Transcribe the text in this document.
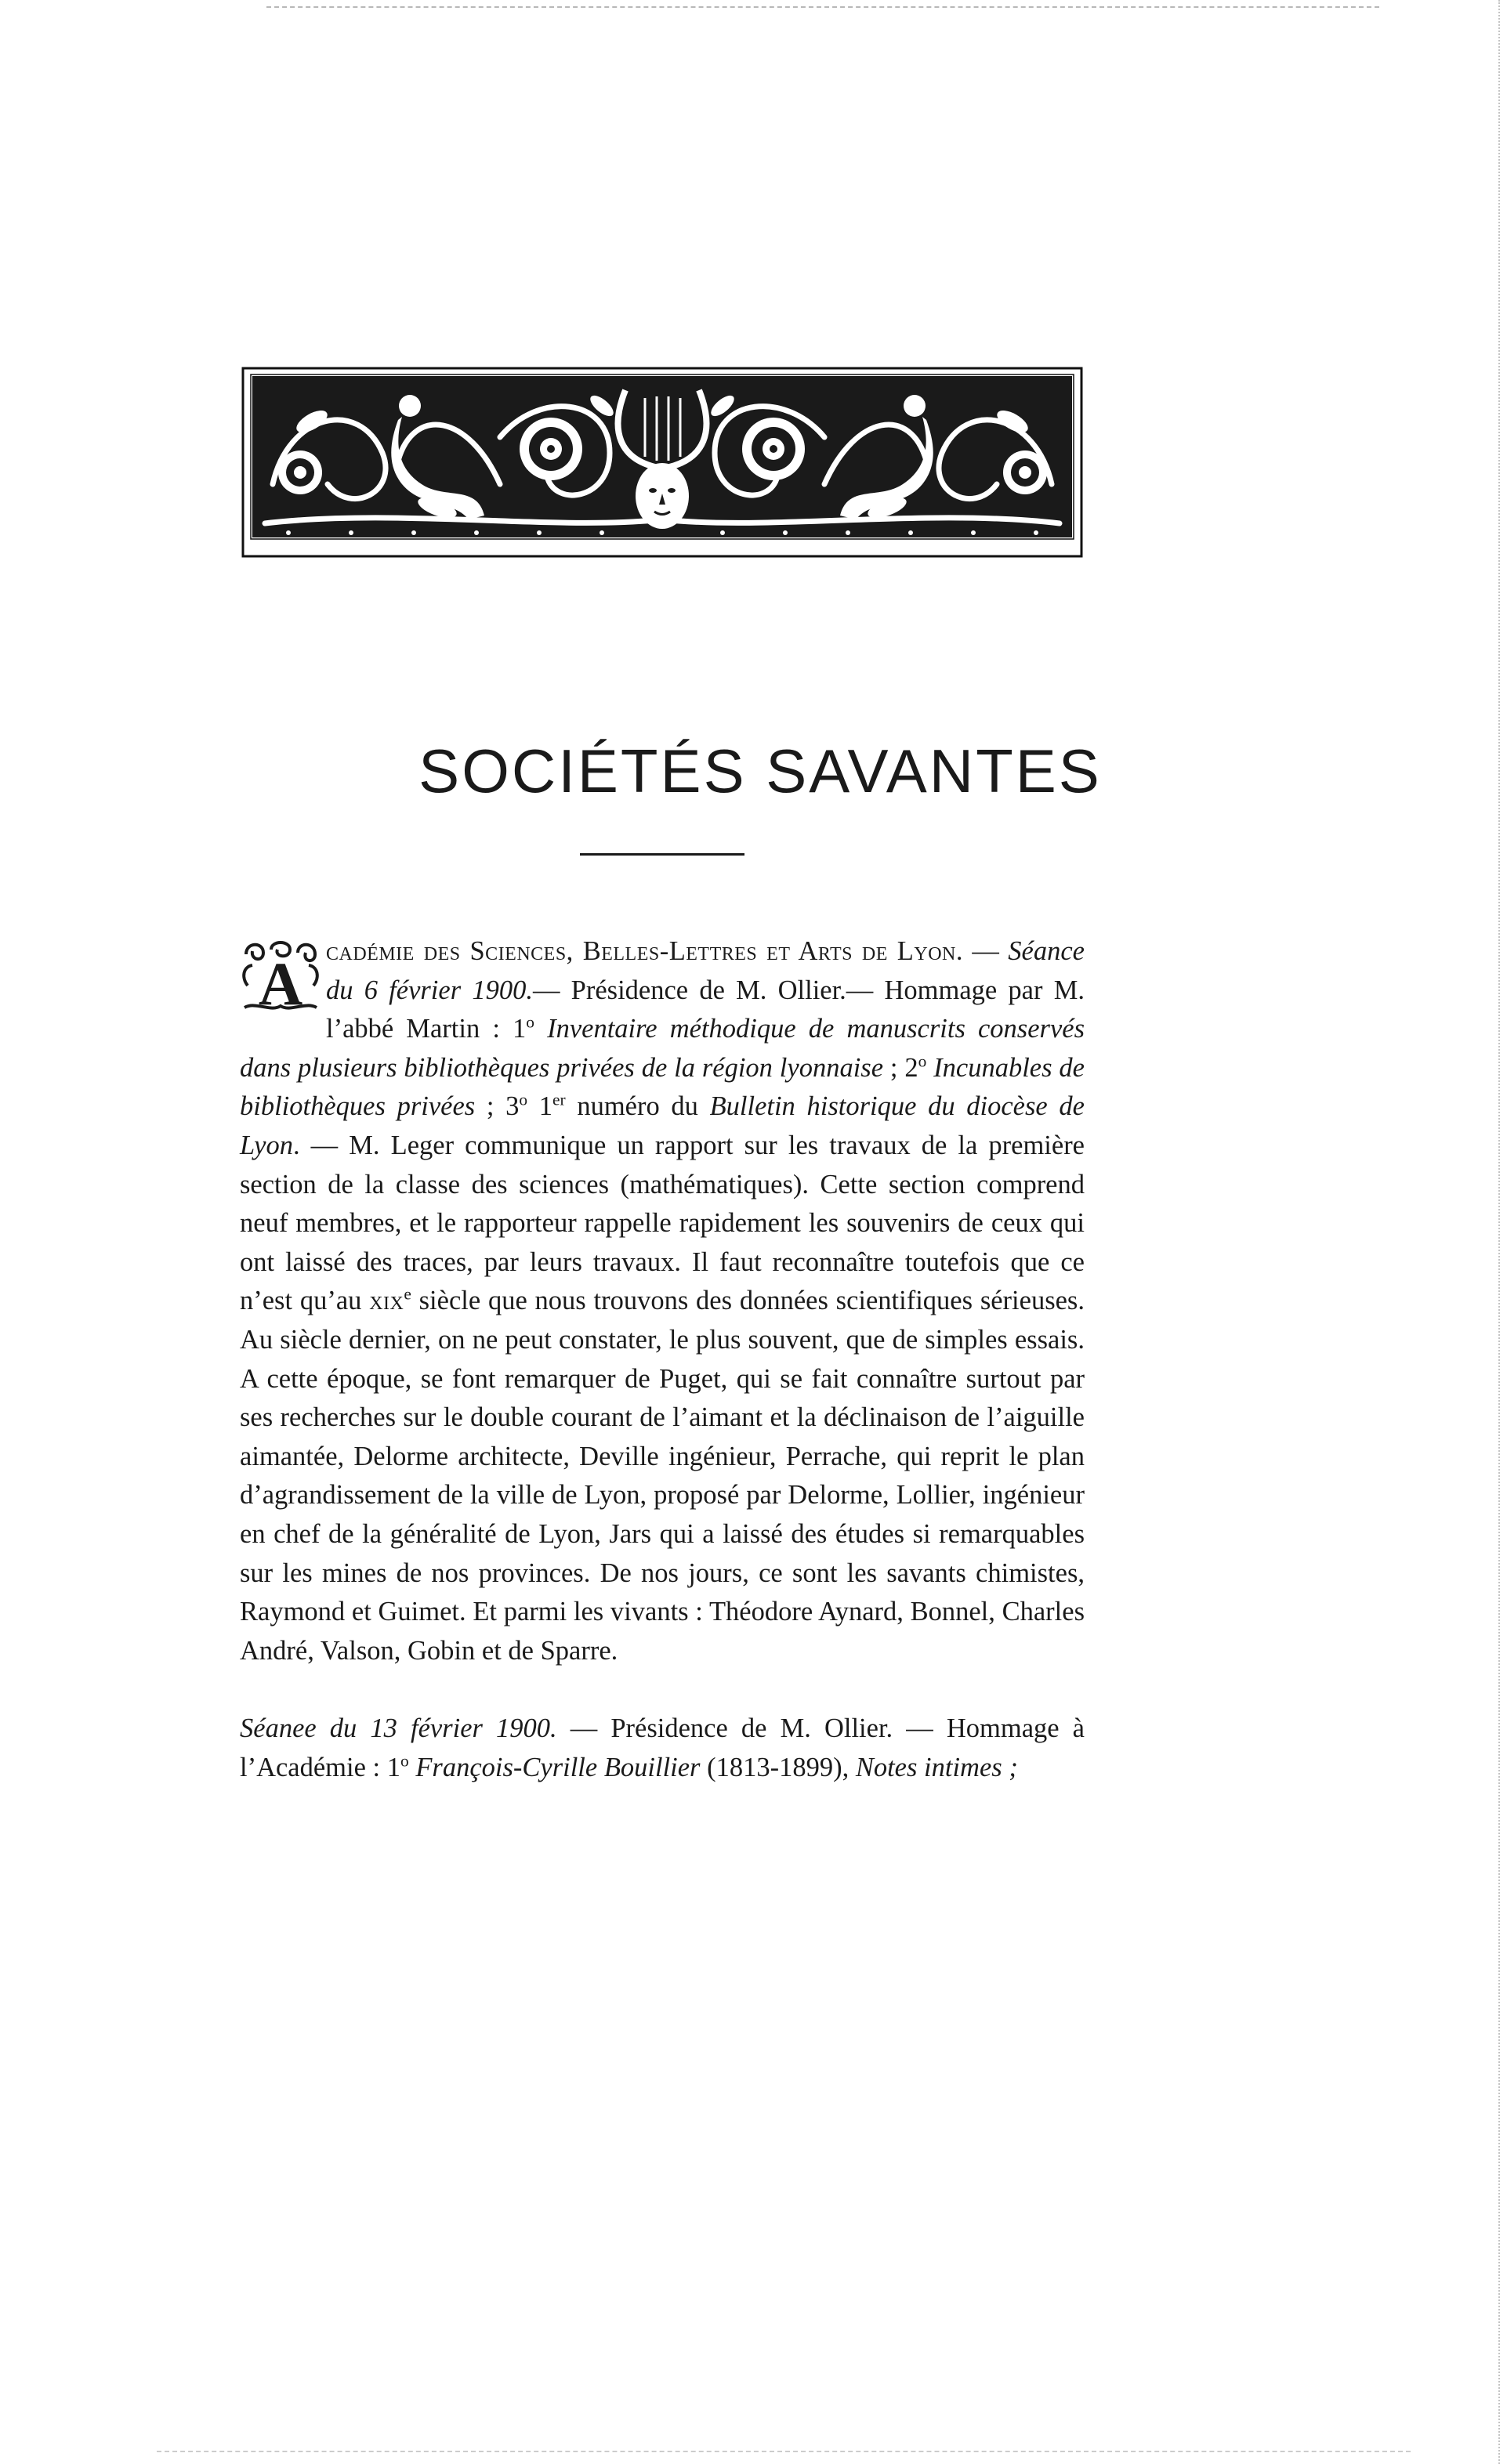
SOCIÉTÉS SAVANTES

A cadémie des Sciences, Belles-Lettres et Arts de Lyon. — Séance du 6 février 1900.— Présidence de M. Ollier.— Hommage par M. l’abbé Martin : 1$^o$ Inventaire méthodique de manuscrits conservés dans plusieurs bibliothèques privées de la région lyonnaise ; 2$^o$ Incunables de bibliothèques privées ; 3$^o$ 1er numéro du Bulletin historique du diocèse de Lyon. — M. Leger communique un rapport sur les travaux de la première section de la classe des sciences (mathématiques). Cette section comprend neuf membres, et le rapporteur rappelle rapidement les souvenirs de ceux qui ont laissé des traces, par leurs travaux. Il faut reconnaître toutefois que ce n’est qu’au xix$^e$ siècle que nous trouvons des données scientifiques sérieuses. Au siècle dernier, on ne peut constater, le plus souvent, que de simples essais. A cette époque, se font remarquer de Puget, qui se fait connaître surtout par ses recherches sur le double courant de l’aimant et la déclinaison de l’aiguille aimantée, Delorme architecte, Deville ingénieur, Perrache, qui reprit le plan d’agrandissement de la ville de Lyon, proposé par Delorme, Lollier, ingénieur en chef de la généralité de Lyon, Jars qui a laissé des études si remarquables sur les mines de nos provinces. De nos jours, ce sont les savants chimistes, Raymond et Guimet. Et parmi les vivants : Théodore Aynard, Bonnel, Charles André, Valson, Gobin et de Sparre.

Séanee du 13 février 1900. — Présidence de M. Ollier. — Hommage à l’Académie : 1$^o$ François-Cyrille Bouillier (1813-1899), Notes intimes ;
